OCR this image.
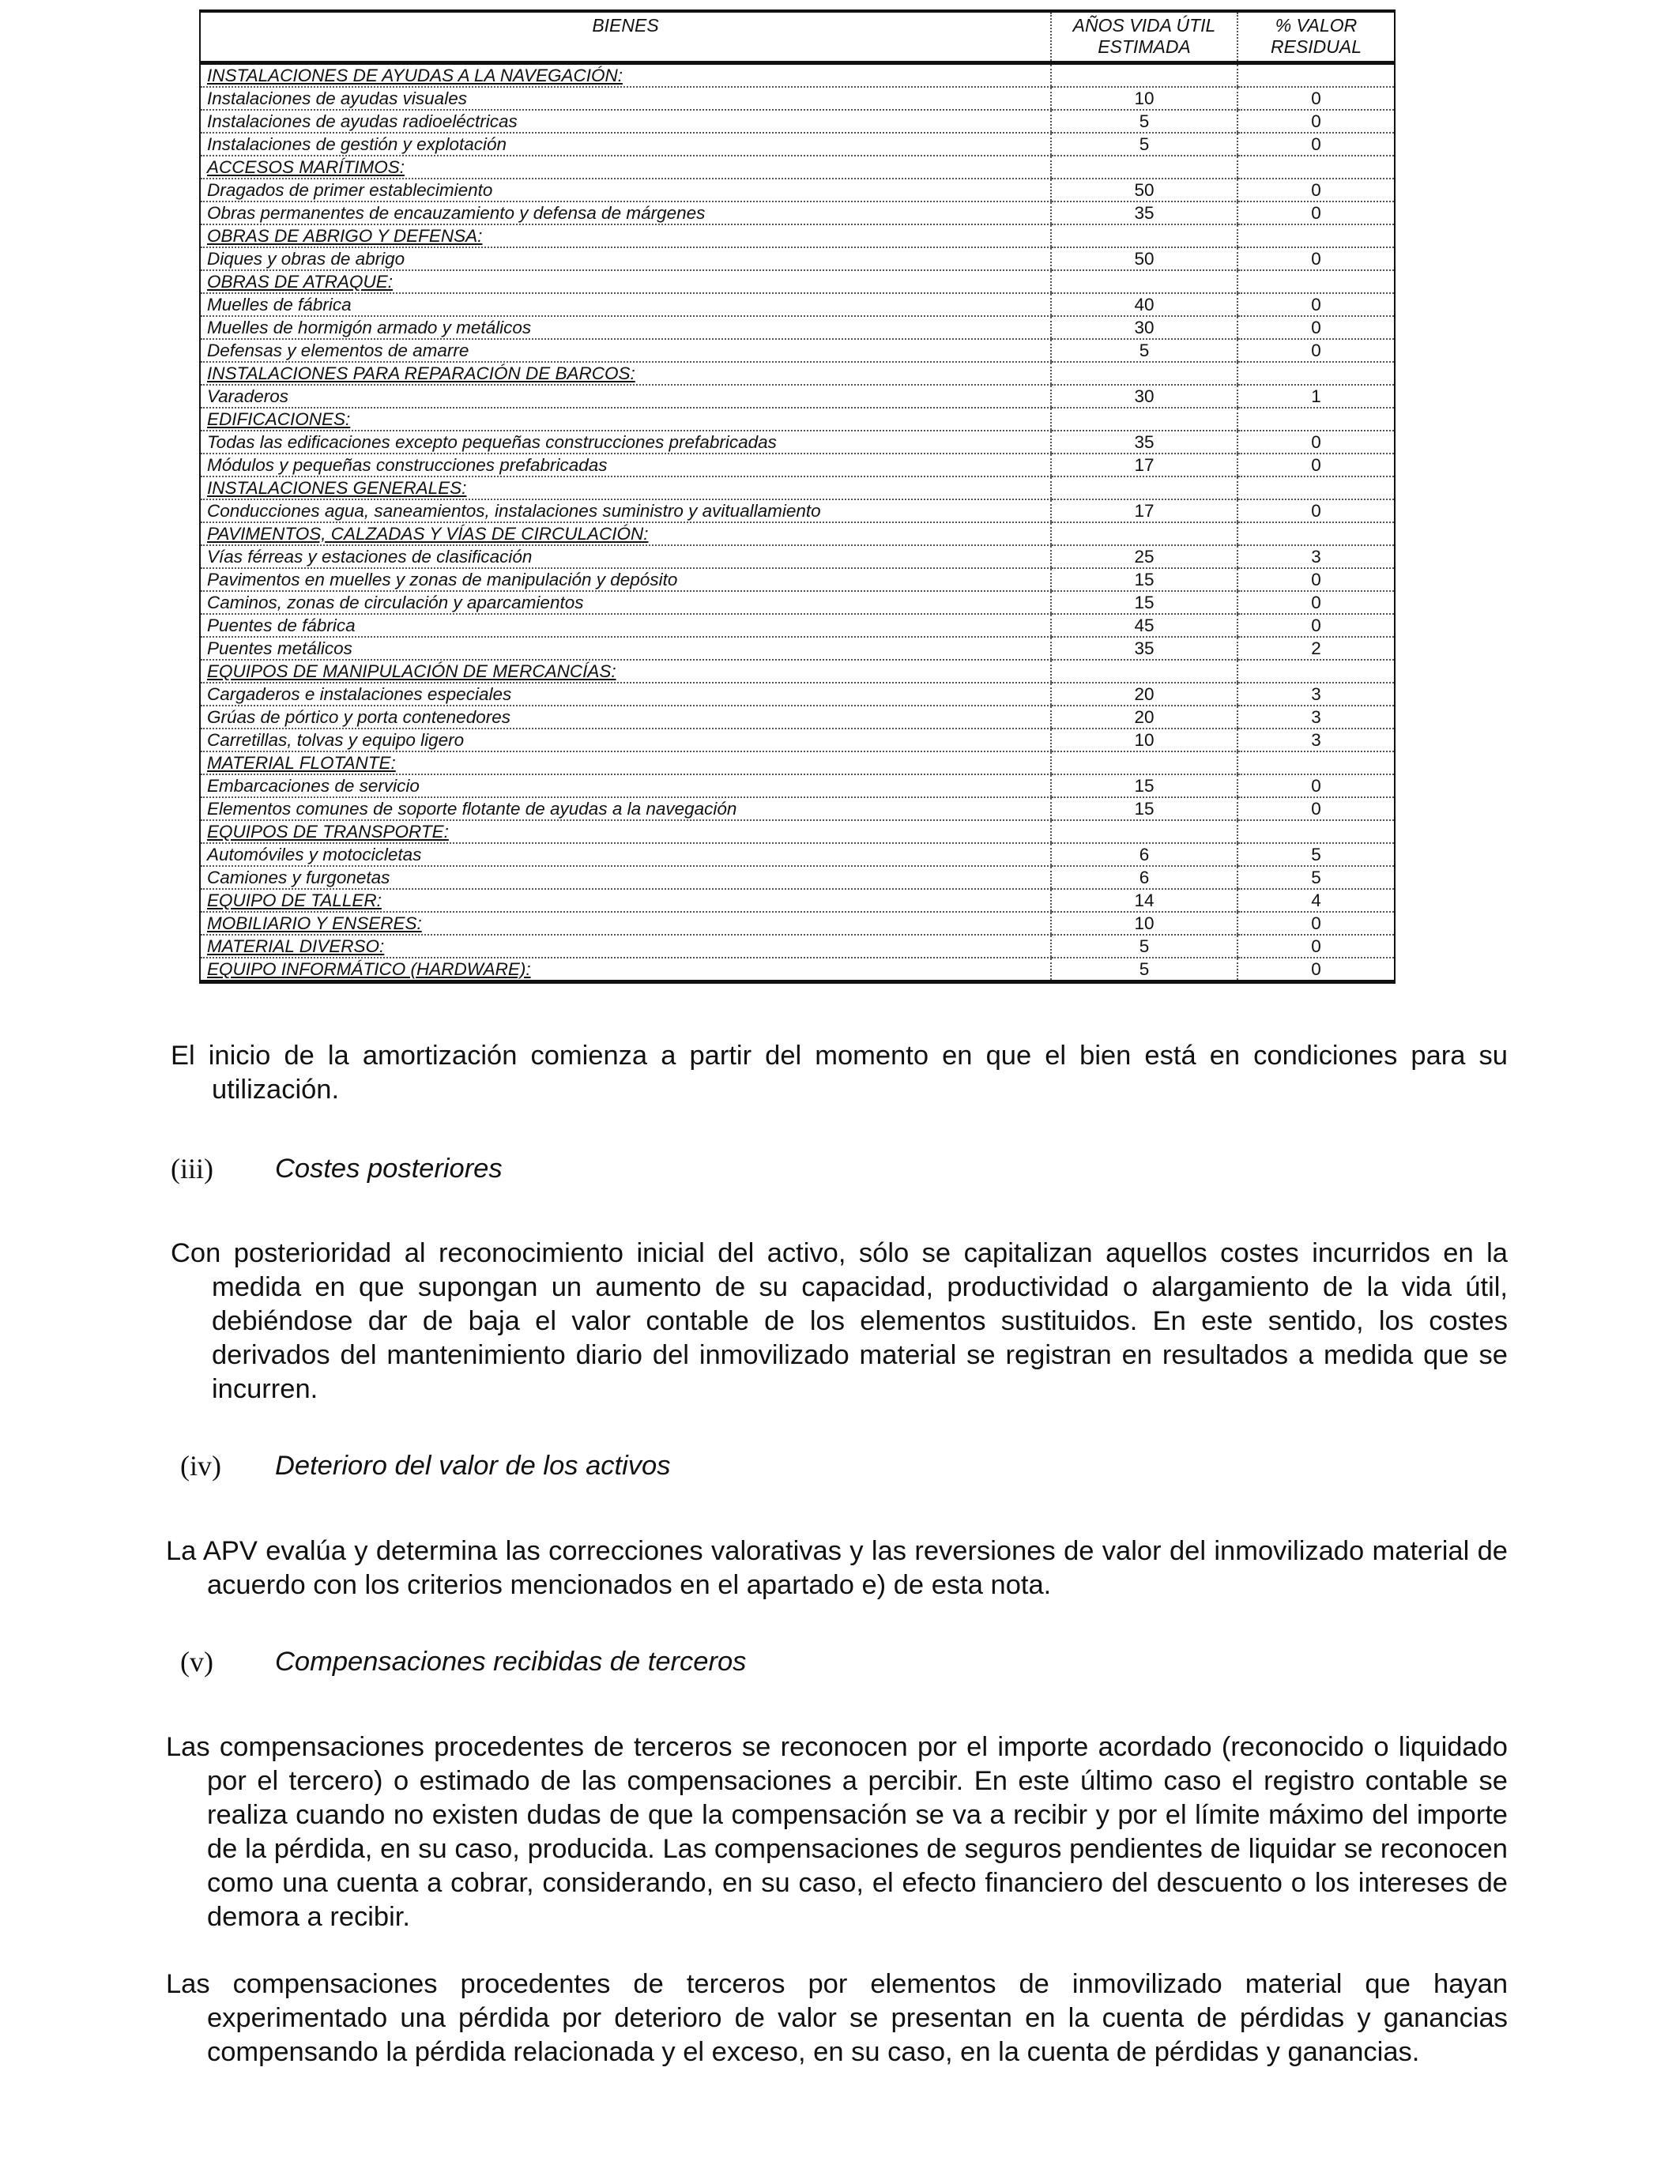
BIENES	AÑOS VIDA ÚTIL ESTIMADA	% VALOR RESIDUAL
INSTALACIONES DE AYUDAS A LA NAVEGACIÓN:		
Instalaciones de ayudas visuales	10	0
Instalaciones de ayudas radioeléctricas	5	0
Instalaciones de gestión y explotación	5	0
ACCESOS MARÍTIMOS:		
Dragados de primer establecimiento	50	0
Obras permanentes de encauzamiento y defensa de márgenes	35	0
OBRAS DE ABRIGO Y DEFENSA:		
Diques y obras de abrigo	50	0
OBRAS DE ATRAQUE:		
Muelles de fábrica	40	0
Muelles de hormigón armado y metálicos	30	0
Defensas y elementos de amarre	5	0
INSTALACIONES PARA REPARACIÓN DE BARCOS:		
Varaderos	30	1
EDIFICACIONES:		
Todas las edificaciones excepto pequeñas construcciones prefabricadas	35	0
Módulos y pequeñas construcciones prefabricadas	17	0
INSTALACIONES GENERALES:		
Conducciones agua, saneamientos, instalaciones suministro y avituallamiento	17	0
PAVIMENTOS, CALZADAS Y VÍAS DE CIRCULACIÓN:		
Vías férreas y estaciones de clasificación	25	3
Pavimentos en muelles y zonas de manipulación y depósito	15	0
Caminos, zonas de circulación y aparcamientos	15	0
Puentes de fábrica	45	0
Puentes metálicos	35	2
EQUIPOS DE MANIPULACIÓN DE MERCANCÍAS:		
Cargaderos e instalaciones especiales	20	3
Grúas de pórtico y porta contenedores	20	3
Carretillas, tolvas y equipo ligero	10	3
MATERIAL FLOTANTE:		
Embarcaciones de servicio	15	0
Elementos comunes de soporte flotante de ayudas a la navegación	15	0
EQUIPOS DE TRANSPORTE:		
Automóviles y motocicletas	6	5
Camiones y furgonetas	6	5
EQUIPO DE TALLER:	14	4
MOBILIARIO Y ENSERES:	10	0
MATERIAL DIVERSO:	5	0
EQUIPO INFORMÁTICO (HARDWARE):	5	0
El inicio de la amortización comienza a partir del momento en que el bien está en condiciones para su utilización.
(iii) Costes posteriores
Con posterioridad al reconocimiento inicial del activo, sólo se capitalizan aquellos costes incurridos en la medida en que supongan un aumento de su capacidad, productividad o alargamiento de la vida útil, debiéndose dar de baja el valor contable de los elementos sustituidos. En este sentido, los costes derivados del mantenimiento diario del inmovilizado material se registran en resultados a medida que se incurren.
(iv) Deterioro del valor de los activos
La APV evalúa y determina las correcciones valorativas y las reversiones de valor del inmovilizado material de acuerdo con los criterios mencionados en el apartado e) de esta nota.
(v) Compensaciones recibidas de terceros
Las compensaciones procedentes de terceros se reconocen por el importe acordado (reconocido o liquidado por el tercero) o estimado de las compensaciones a percibir. En este último caso el registro contable se realiza cuando no existen dudas de que la compensación se va a recibir y por el límite máximo del importe de la pérdida, en su caso, producida. Las compensaciones de seguros pendientes de liquidar se reconocen como una cuenta a cobrar, considerando, en su caso, el efecto financiero del descuento o los intereses de demora a recibir.
Las compensaciones procedentes de terceros por elementos de inmovilizado material que hayan experimentado una pérdida por deterioro de valor se presentan en la cuenta de pérdidas y ganancias compensando la pérdida relacionada y el exceso, en su caso, en la cuenta de pérdidas y ganancias.
